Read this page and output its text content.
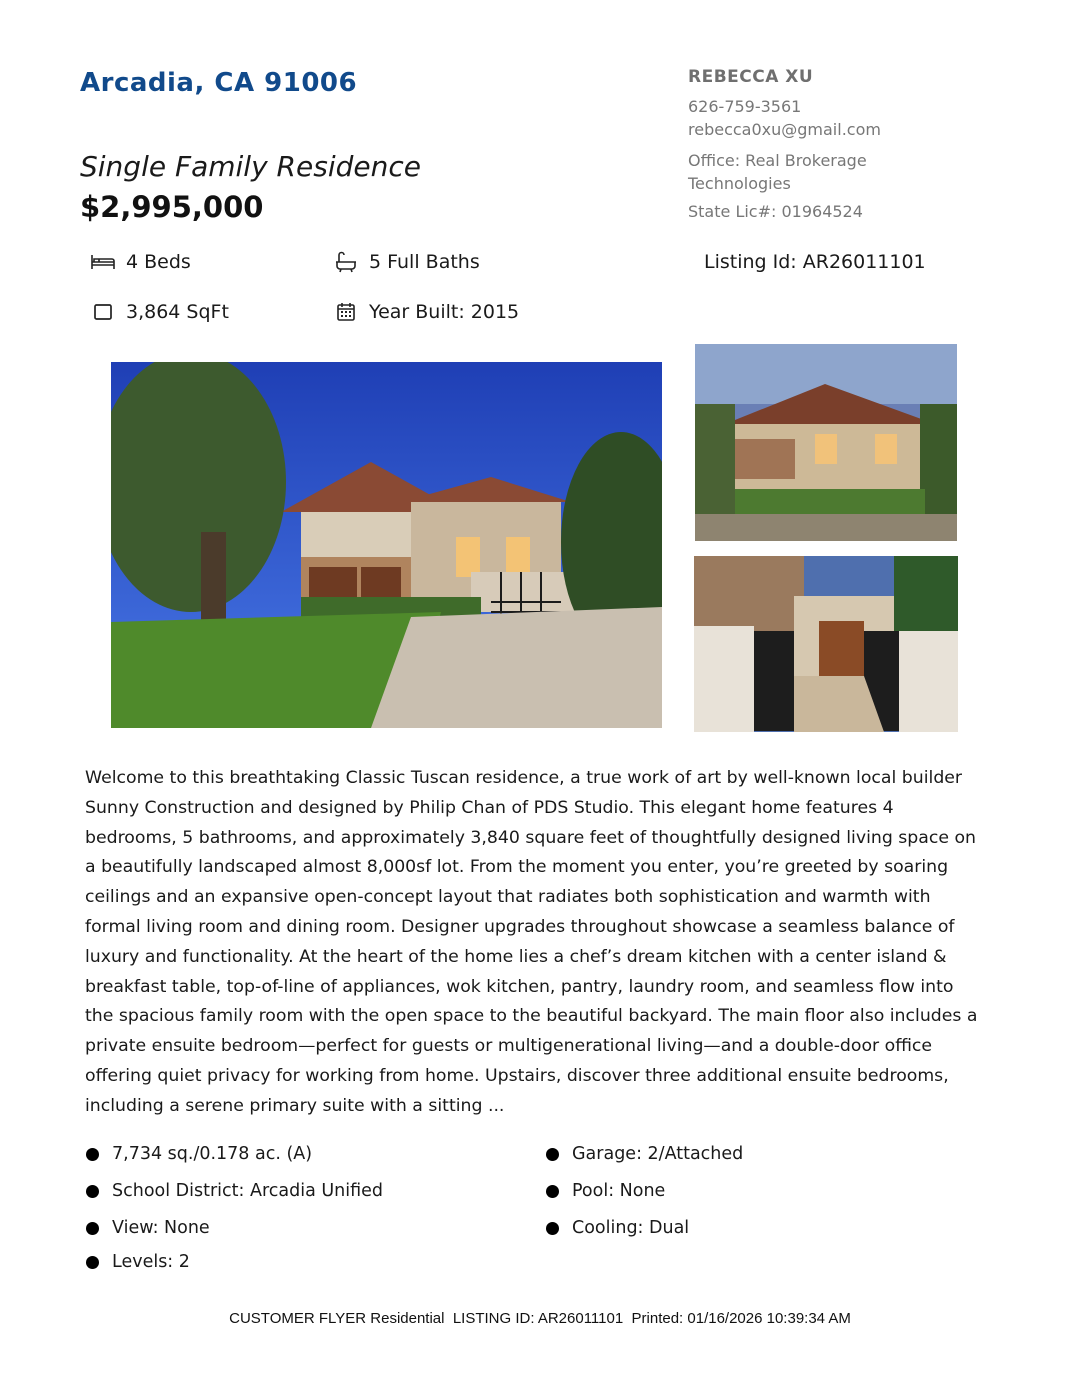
Arcadia, CA 91006
Single Family Residence
$2,995,000
REBECCA XU
626-759-3561
rebecca0xu@gmail.com
Office: Real Brokerage Technologies
State Lic#: 01964524
4 Beds	5 Full Baths	Listing Id: AR26011101
3,864 SqFt	Year Built: 2015
Welcome to this breathtaking Classic Tuscan residence, a true work of art by well-known local builder Sunny Construction and designed by Philip Chan of PDS Studio. This elegant home features 4 bedrooms, 5 bathrooms, and approximately 3,840 square feet of thoughtfully designed living space on a beautifully landscaped almost 8,000sf lot. From the moment you enter, you’re greeted by soaring ceilings and an expansive open-concept layout that radiates both sophistication and warmth with formal living room and dining room. Designer upgrades throughout showcase a seamless balance of luxury and functionality. At the heart of the home lies a chef’s dream kitchen with a center island & breakfast table, top-of-line of appliances, wok kitchen, pantry, laundry room, and seamless flow into the spacious family room with the open space to the beautiful backyard. The main floor also includes a private ensuite bedroom—perfect for guests or multigenerational living—and a double-door office offering quiet privacy for working from home. Upstairs, discover three additional ensuite bedrooms, including a serene primary suite with a sitting ...
7,734 sq./0.178 ac. (A)
School District: Arcadia Unified
View: None
Levels: 2
Garage: 2/Attached
Pool: None
Cooling: Dual
CUSTOMER FLYER Residential  LISTING ID: AR26011101  Printed: 01/16/2026 10:39:34 AM
